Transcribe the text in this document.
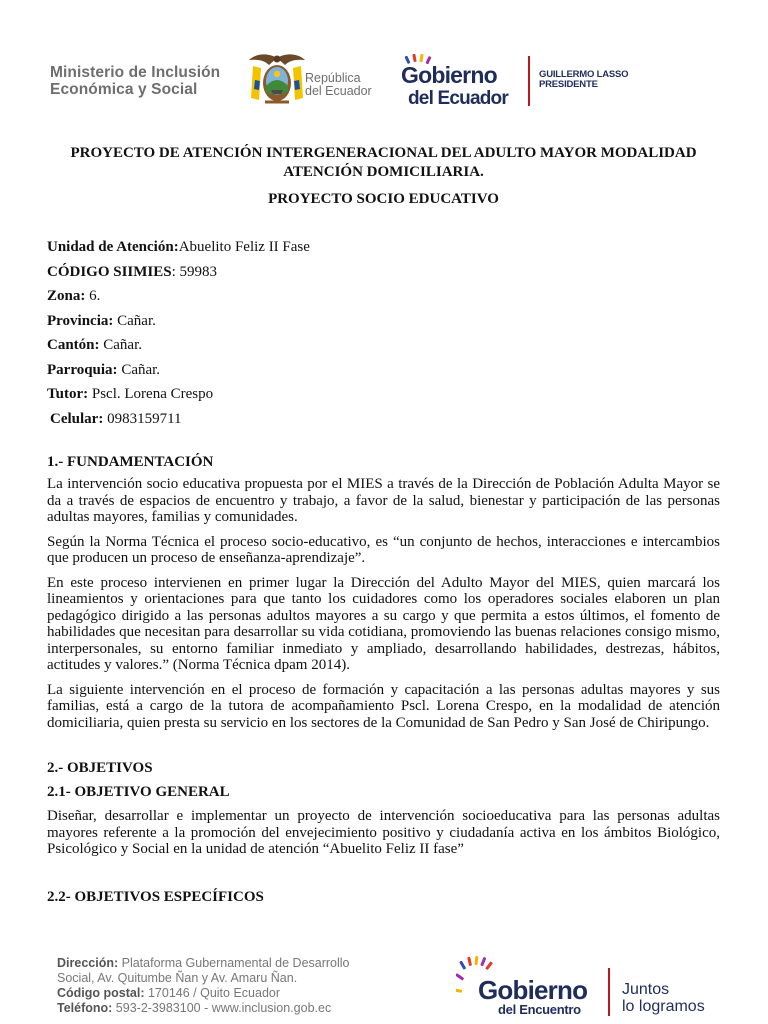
Ministerio de Inclusión
Económica y Social
República
del Ecuador
Gobierno
del Ecuador
GUILLERMO LASSO
PRESIDENTE
PROYECTO DE ATENCIÓN INTERGENERACIONAL DEL ADULTO MAYOR MODALIDAD ATENCIÓN DOMICILIARIA.
PROYECTO SOCIO EDUCATIVO
Unidad de Atención:Abuelito Feliz II Fase
CÓDIGO SIIMIES: 59983
Zona: 6.
Provincia: Cañar.
Cantón: Cañar.
Parroquia: Cañar.
Tutor: Pscl. Lorena Crespo
Celular: 0983159711
1.- FUNDAMENTACIÓN

La intervención socio educativa propuesta por el MIES a través de la Dirección de Población Adulta Mayor se da a través de espacios de encuentro y trabajo, a favor de la salud, bienestar y participación de las personas adultas mayores, familias y comunidades.

Según la Norma Técnica el proceso socio-educativo, es “un conjunto de hechos, interacciones e intercambios que producen un proceso de enseñanza-aprendizaje”.

En este proceso intervienen en primer lugar la Dirección del Adulto Mayor del MIES, quien marcará los lineamientos y orientaciones para que tanto los cuidadores como los operadores sociales elaboren un plan pedagógico dirigido a las personas adultos mayores a su cargo y que permita a estos últimos, el fomento de habilidades que necesitan para desarrollar su vida cotidiana, promoviendo las buenas relaciones consigo mismo, interpersonales, su entorno familiar inmediato y ampliado, desarrollando habilidades, destrezas, hábitos, actitudes y valores.” (Norma Técnica dpam 2014).

La siguiente intervención en el proceso de formación y capacitación a las personas adultas mayores y sus familias, está a cargo de la tutora de acompañamiento Pscl. Lorena Crespo, en la modalidad de atención domiciliaria, quien presta su servicio en los sectores de la Comunidad de San Pedro y San José de Chiripungo.

2.- OBJETIVOS
2.1- OBJETIVO GENERAL

Diseñar, desarrollar e implementar un proyecto de intervención socioeducativa para las personas adultas mayores referente a la promoción del envejecimiento positivo y ciudadanía activa en los ámbitos Biológico, Psicológico y Social en la unidad de atención “Abuelito Feliz II fase”

2.2- OBJETIVOS ESPECÍFICOS
Dirección: Plataforma Gubernamental de Desarrollo
Social, Av. Quitumbe Ñan y Av. Amaru Ñan.
Código postal: 170146 / Quito Ecuador
Teléfono: 593-2-3983100 - www.inclusion.gob.ec
Gobierno
del Encuentro
Juntos
lo logramos
